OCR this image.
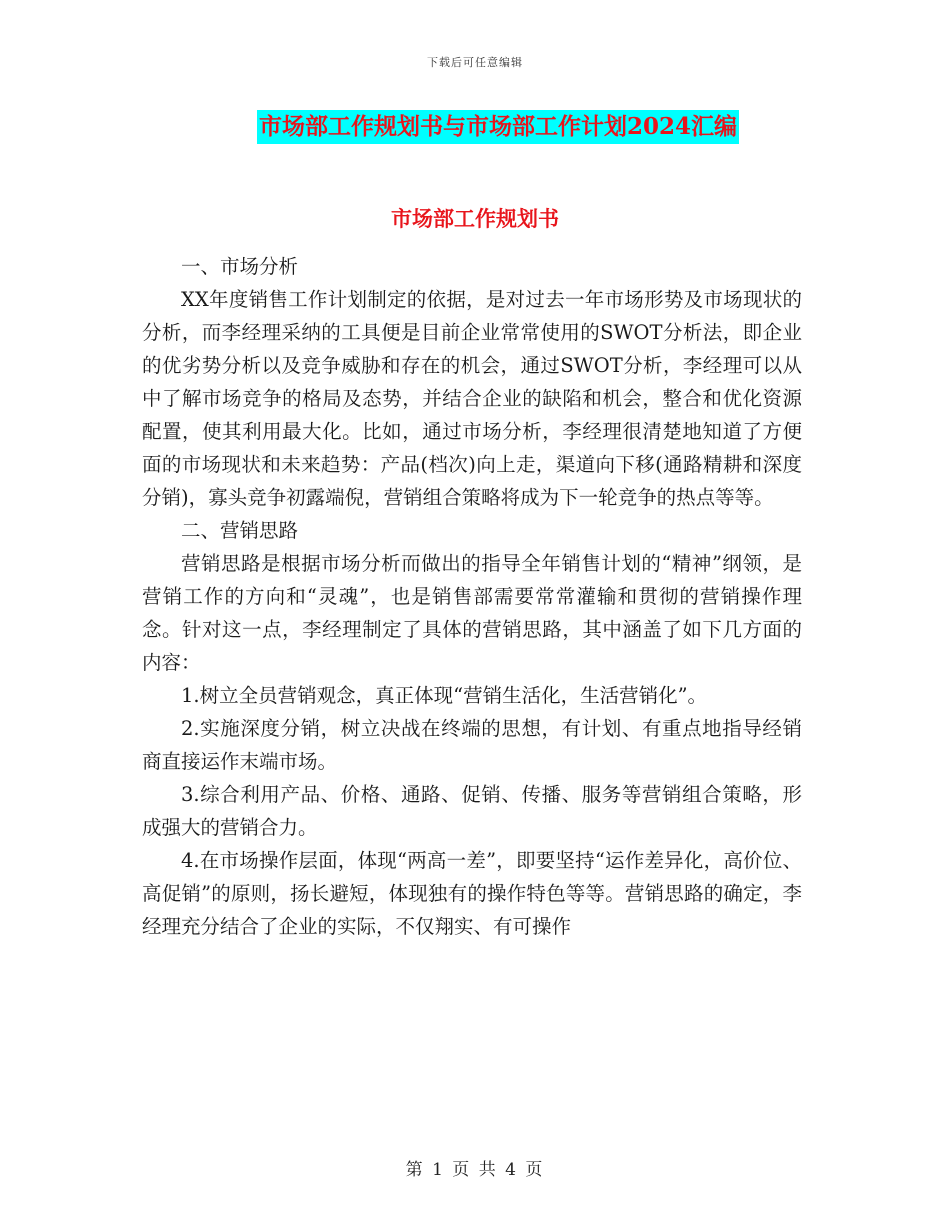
下载后可任意编辑
市场部工作规划书与市场部工作计划2024汇编
市场部工作规划书

一、市场分析

XX年度销售工作计划制定的依据，是对过去一年市场形势及市场现状的分析，而李经理采纳的工具便是目前企业常常使用的SWOT分析法，即企业的优劣势分析以及竞争威胁和存在的机会，通过SWOT分析，李经理可以从中了解市场竞争的格局及态势，并结合企业的缺陷和机会，整合和优化资源配置，使其利用最大化。比如，通过市场分析，李经理很清楚地知道了方便面的市场现状和未来趋势：产品(档次)向上走，渠道向下移(通路精耕和深度分销)，寡头竞争初露端倪，营销组合策略将成为下一轮竞争的热点等等。

二、营销思路

营销思路是根据市场分析而做出的指导全年销售计划的“精神”纲领，是营销工作的方向和“灵魂”，也是销售部需要常常灌输和贯彻的营销操作理念。针对这一点，李经理制定了具体的营销思路，其中涵盖了如下几方面的内容：

1.树立全员营销观念，真正体现“营销生活化，生活营销化”。

2.实施深度分销，树立决战在终端的思想，有计划、有重点地指导经销商直接运作末端市场。

3.综合利用产品、价格、通路、促销、传播、服务等营销组合策略，形成强大的营销合力。

4.在市场操作层面，体现“两高一差”，即要坚持“运作差异化，高价位、高促销”的原则，扬长避短，体现独有的操作特色等等。营销思路的确定，李经理充分结合了企业的实际，不仅翔实、有可操作

第 1 页 共 4 页
